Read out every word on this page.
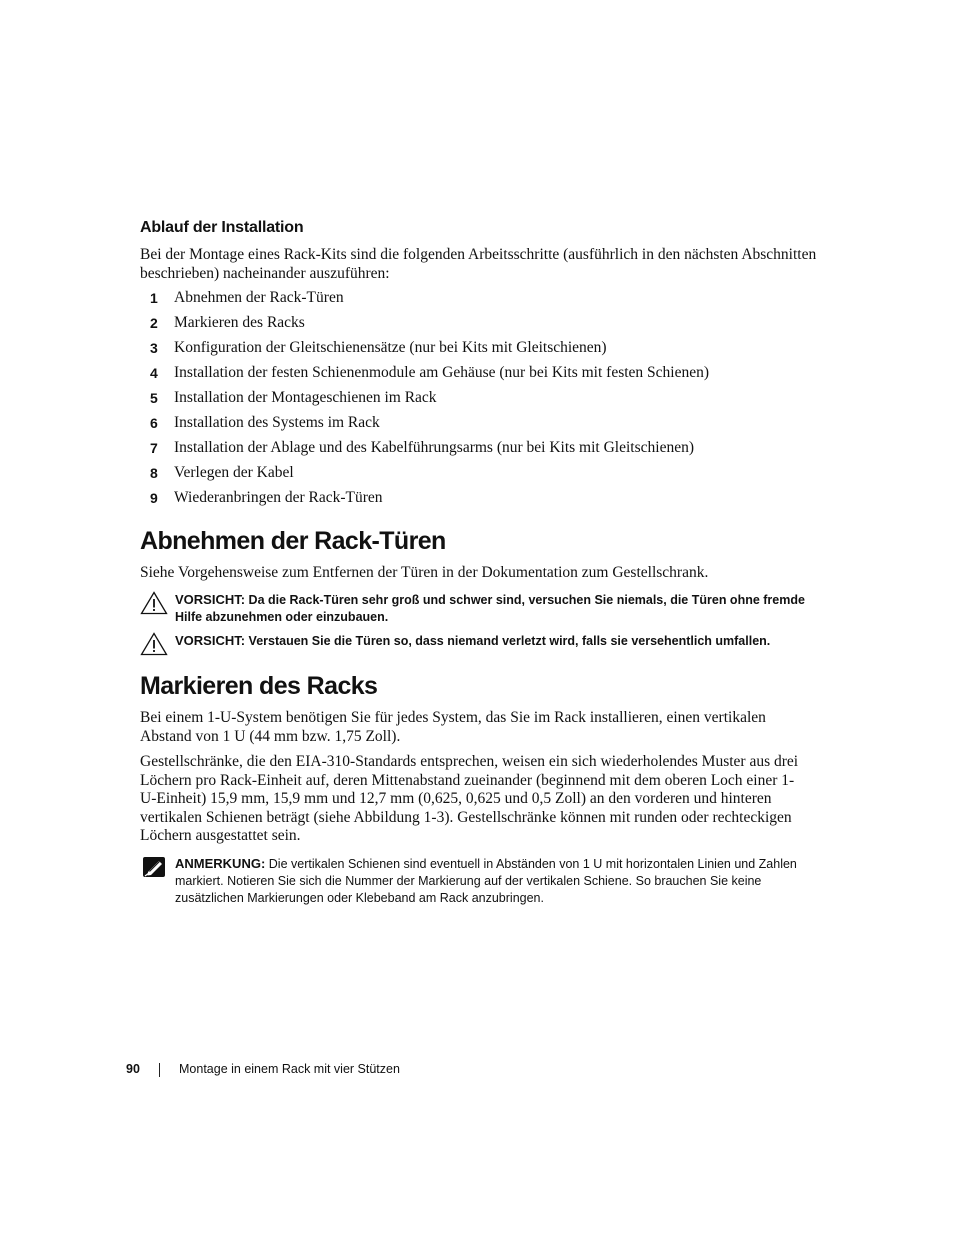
Ablauf der Installation

Bei der Montage eines Rack-Kits sind die folgenden Arbeitsschritte (ausführlich in den nächsten Abschnitten beschrieben) nacheinander auszuführen:

1 Abnehmen der Rack-Türen
2 Markieren des Racks
3 Konfiguration der Gleitschienensätze (nur bei Kits mit Gleitschienen)
4 Installation der festen Schienenmodule am Gehäuse (nur bei Kits mit festen Schienen)
5 Installation der Montageschienen im Rack
6 Installation des Systems im Rack
7 Installation der Ablage und des Kabelführungsarms (nur bei Kits mit Gleitschienen)
8 Verlegen der Kabel
9 Wiederanbringen der Rack-Türen
Abnehmen der Rack-Türen

Siehe Vorgehensweise zum Entfernen der Türen in der Dokumentation zum Gestellschrank.

VORSICHT: Da die Rack-Türen sehr groß und schwer sind, versuchen Sie niemals, die Türen ohne fremde Hilfe abzunehmen oder einzubauen.
VORSICHT: Verstauen Sie die Türen so, dass niemand verletzt wird, falls sie versehentlich umfallen.
Markieren des Racks

Bei einem 1-U-System benötigen Sie für jedes System, das Sie im Rack installieren, einen vertikalen Abstand von 1 U (44 mm bzw. 1,75 Zoll).

Gestellschränke, die den EIA-310-Standards entsprechen, weisen ein sich wiederholendes Muster aus drei Löchern pro Rack-Einheit auf, deren Mittenabstand zueinander (beginnend mit dem oberen Loch einer 1-U-Einheit) 15,9 mm, 15,9 mm und 12,7 mm (0,625, 0,625 und 0,5 Zoll) an den vorderen und hinteren vertikalen Schienen beträgt (siehe Abbildung 1-3). Gestellschränke können mit runden oder rechteckigen Löchern ausgestattet sein.

ANMERKUNG: Die vertikalen Schienen sind eventuell in Abständen von 1 U mit horizontalen Linien und Zahlen markiert. Notieren Sie sich die Nummer der Markierung auf der vertikalen Schiene. So brauchen Sie keine zusätzlichen Markierungen oder Klebeband am Rack anzubringen.
90	Montage in einem Rack mit vier Stützen
